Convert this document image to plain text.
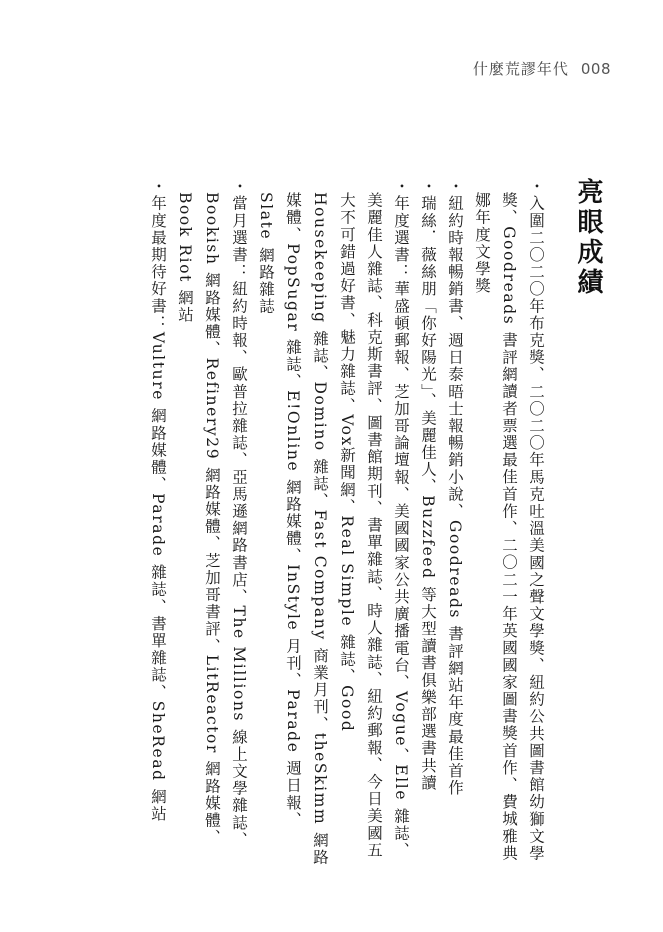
什麼荒謬年代 008
亮眼成績

・入圍二〇二〇年布克獎、二〇二〇年馬克吐溫美國之聲文學獎、紐約公共圖書館幼獅文學獎、Goodreads 書評網讀者票選最佳首作、二〇二一年英國國家圖書獎首作、費城雅典娜年度文學獎

・紐約時報暢銷書、週日泰晤士報暢銷小說、Goodreads 書評網站年度最佳首作

・瑞絲．薇絲朋「你好陽光」、美麗佳人、Buzzfeed 等大型讀書俱樂部選書共讀

・年度選書：華盛頓郵報、芝加哥論壇報、美國國家公共廣播電台、Vogue、Elle 雜誌、美麗佳人雜誌、科克斯書評、圖書館期刊、書單雜誌、時人雜誌、紐約郵報、今日美國五大不可錯過好書、魅力雜誌、Vox新聞網、Real Simple 雜誌、Good Housekeeping 雜誌、Domino 雜誌、Fast Company 商業月刊、theSkimm 網路媒體、PopSugar 雜誌、E!Online 網路媒體、InStyle 月刊、Parade 週日報、Slate 網路雜誌

・當月選書：紐約時報、歐普拉雜誌、亞馬遜網路書店、The Millions 線上文學雜誌、Bookish 網路媒體、Refinery29 網路媒體、芝加哥書評、LitReactor 網路媒體、Book Riot 網站

・年度最期待好書：Vulture 網路媒體、Parade 雜誌、書單雜誌、SheRead 網站
